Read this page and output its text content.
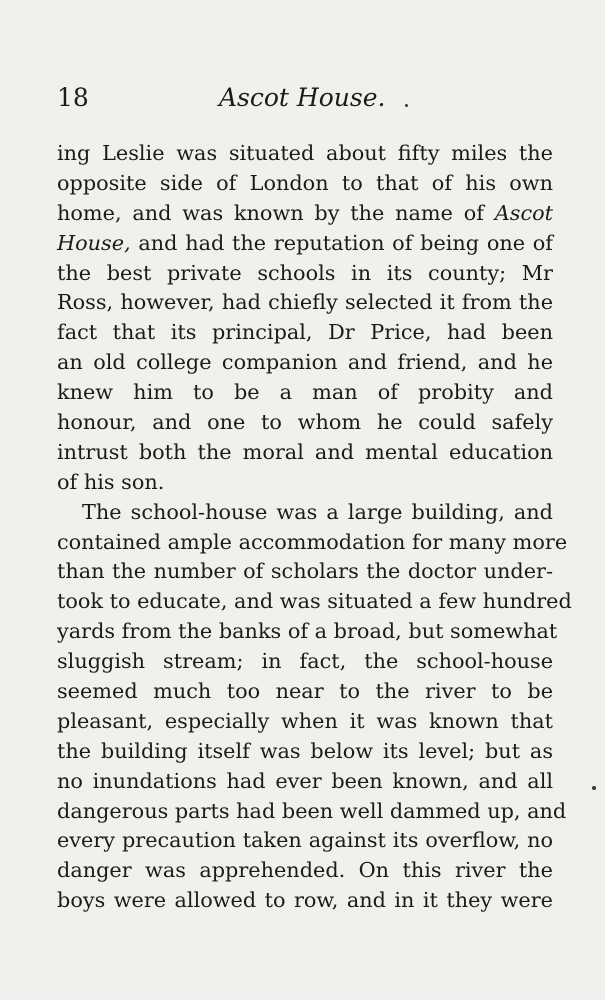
18	Ascot House.
ing Leslie was situated about fifty miles the
opposite side of London to that of his own
home, and was known by the name of Ascot
House, and had the reputation of being one of
the best private schools in its county; Mr
Ross, however, had chiefly selected it from the
fact that its principal, Dr Price, had been
an old college companion and friend, and he
knew him to be a man of probity and
honour, and one to whom he could safely
intrust both the moral and mental education
of his son.
The school-house was a large building, and
contained ample accommodation for many more
than the number of scholars the doctor under-
took to educate, and was situated a few hundred
yards from the banks of a broad, but somewhat
sluggish stream; in fact, the school-house
seemed much too near to the river to be
pleasant, especially when it was known that
the building itself was below its level; but as
no inundations had ever been known, and all
dangerous parts had been well dammed up, and
every precaution taken against its overflow, no
danger was apprehended. On this river the
boys were allowed to row, and in it they were
